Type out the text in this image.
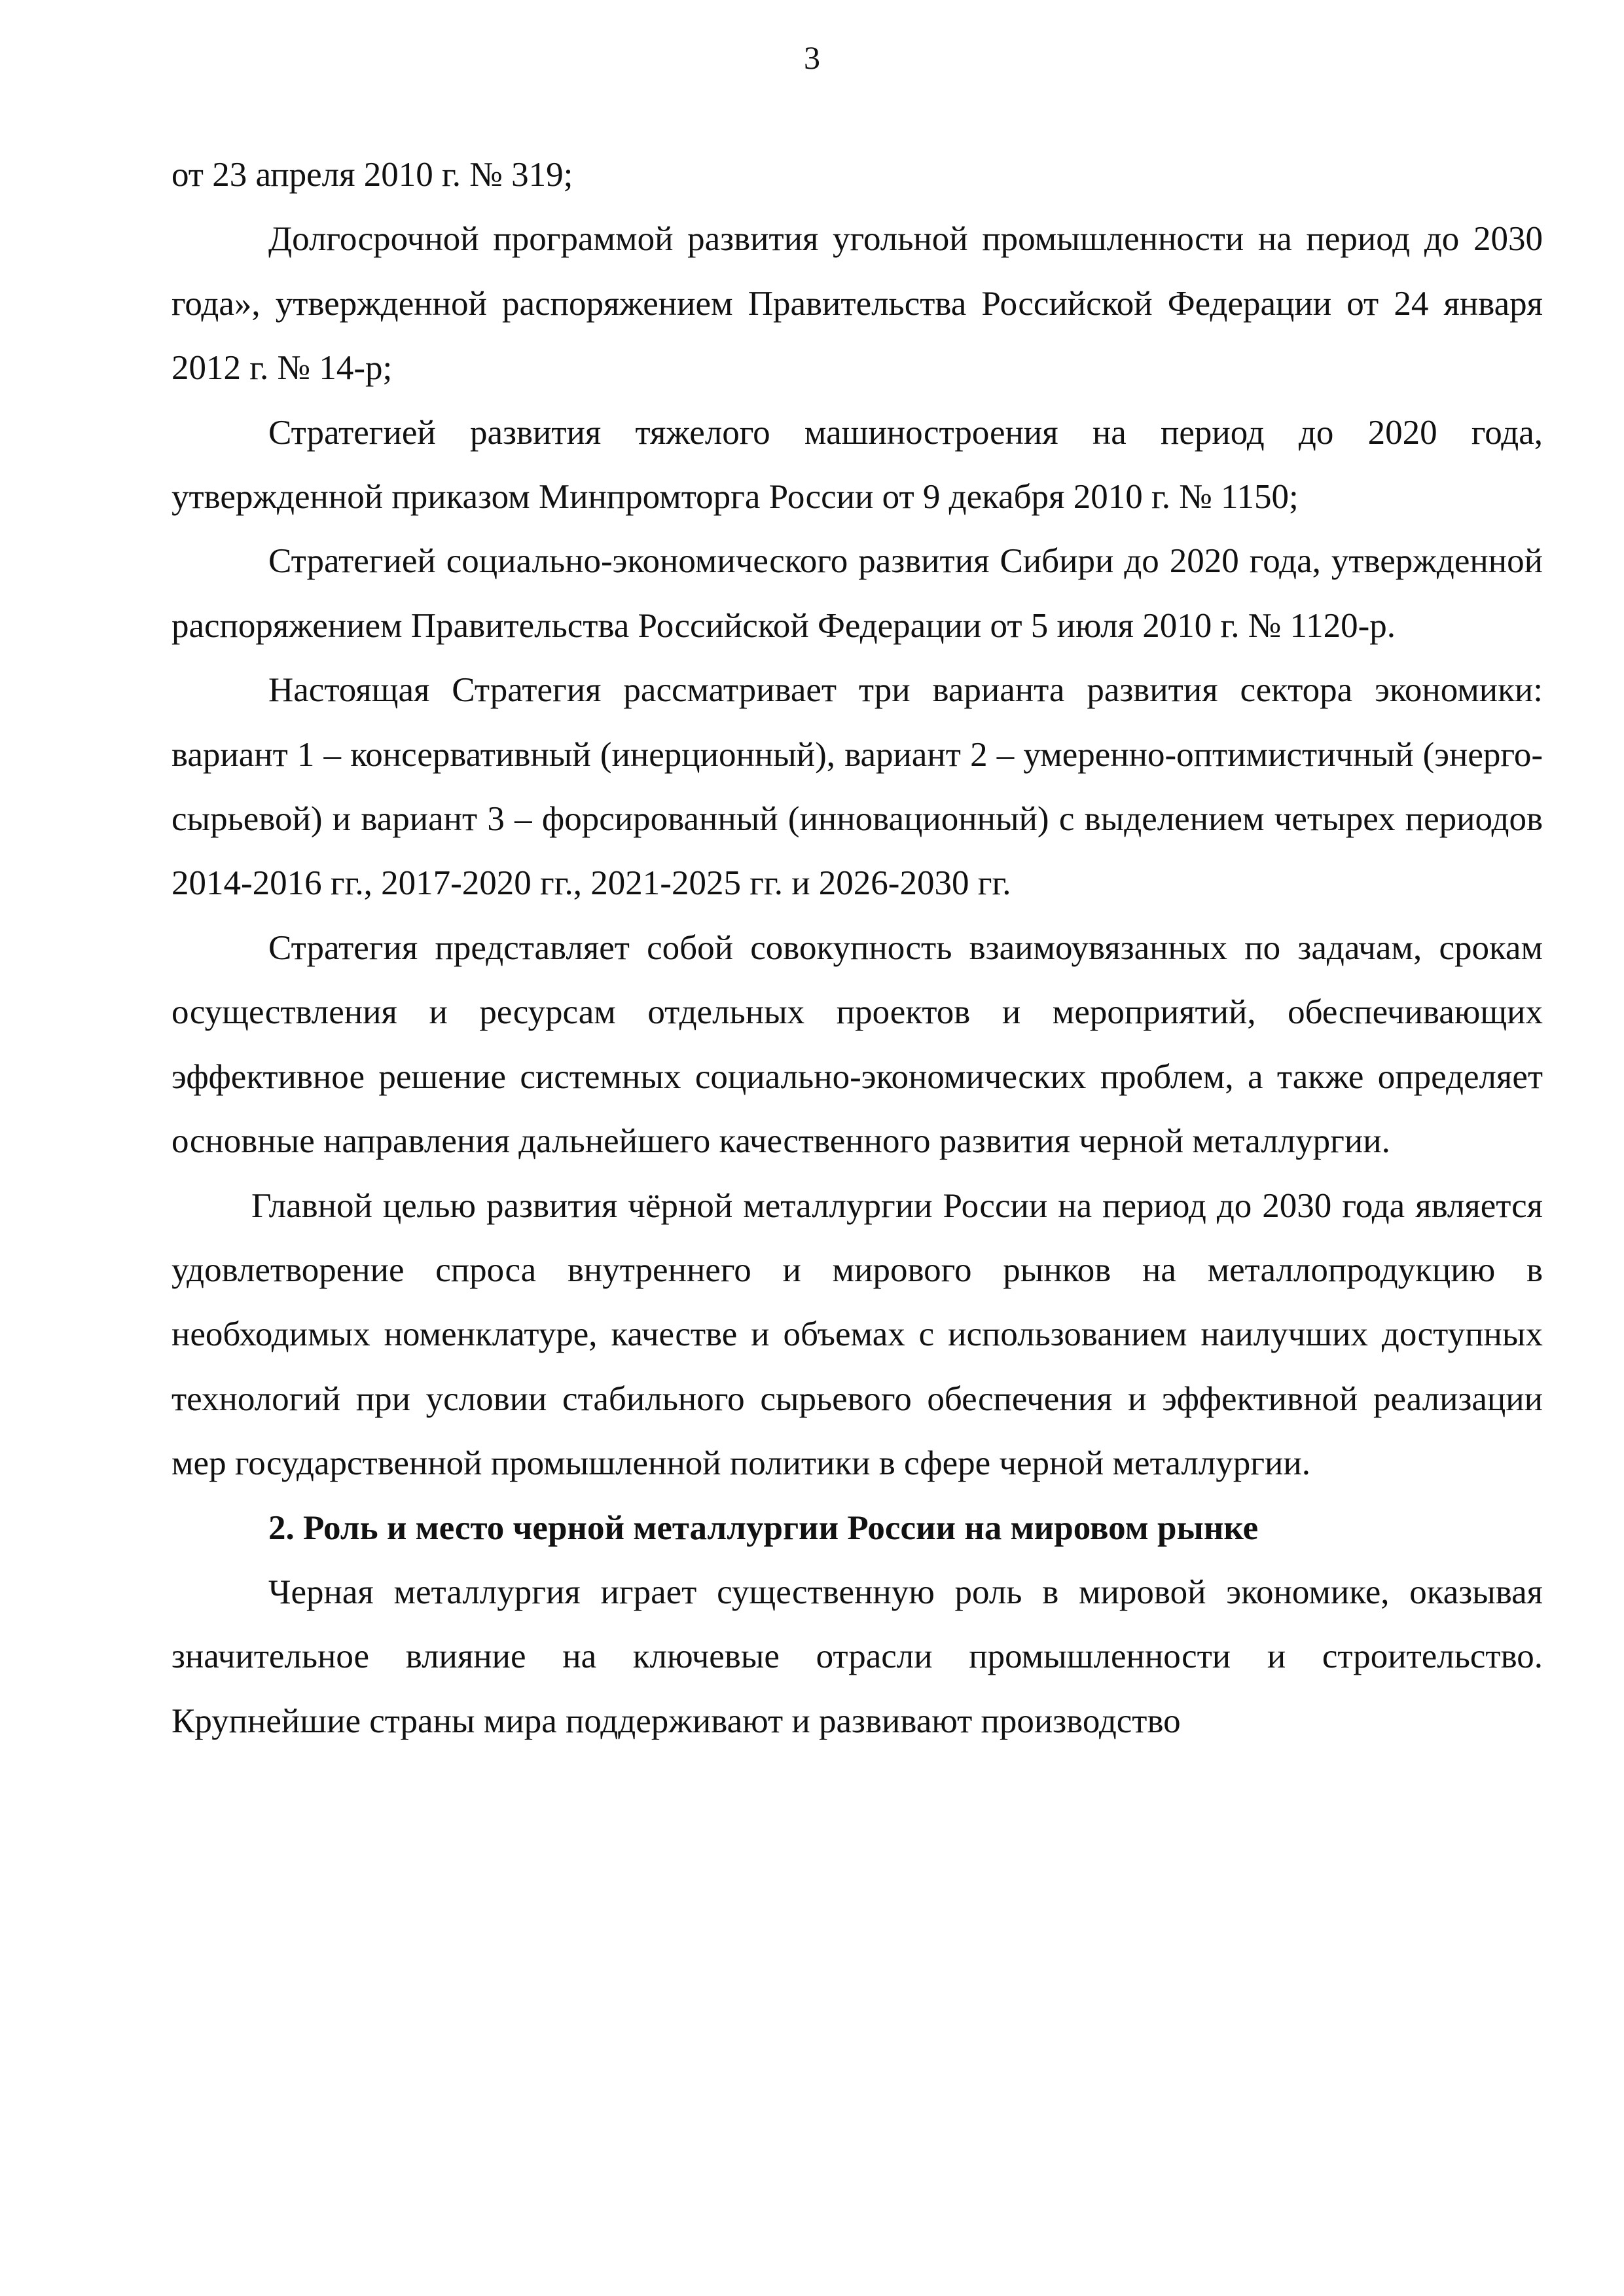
3

от 23 апреля 2010 г. № 319;

Долгосрочной программой развития угольной промышленности на период до 2030 года», утвержденной распоряжением Правительства Российской Федерации от 24 января 2012 г. № 14-р;

Стратегией развития тяжелого машиностроения на период до 2020 года, утвержденной приказом Минпромторга России от 9 декабря 2010 г. № 1150;

Стратегией социально-экономического развития Сибири до 2020 года, утвержденной распоряжением Правительства Российской Федерации от 5 июля 2010 г. № 1120-р.

Настоящая Стратегия рассматривает три варианта развития сектора экономики: вариант 1 – консервативный (инерционный), вариант 2 – умеренно-оптимистичный (энерго-сырьевой) и вариант 3 – форсированный (инновационный) с выделением четырех периодов 2014-2016 гг., 2017-2020 гг., 2021-2025 гг. и 2026-2030 гг.

Стратегия представляет собой совокупность взаимоувязанных по задачам, срокам осуществления и ресурсам отдельных проектов и мероприятий, обеспечивающих эффективное решение системных социально-экономических проблем, а также определяет основные направления дальнейшего качественного развития черной металлургии.

Главной целью развития чёрной металлургии России на период до 2030 года является удовлетворение спроса внутреннего и мирового рынков на металлопродукцию в необходимых номенклатуре, качестве и объемах с использованием наилучших доступных технологий при условии стабильного сырьевого обеспечения и эффективной реализации мер государственной промышленной политики в сфере черной металлургии.

2. Роль и место черной металлургии России на мировом рынке

Черная металлургия играет существенную роль в мировой экономике, оказывая значительное влияние на ключевые отрасли промышленности и строительство. Крупнейшие страны мира поддерживают и развивают производство
